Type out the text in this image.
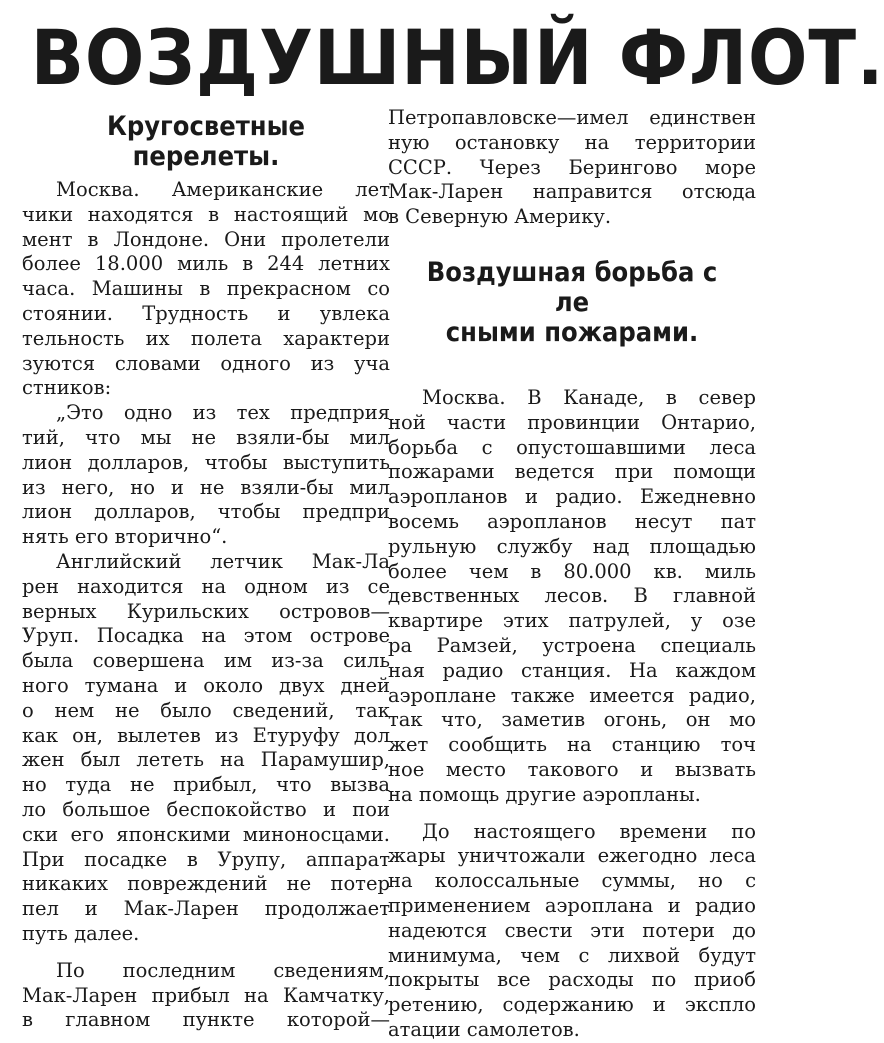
ВОЗДУШНЫЙ ФЛОТ.
Кругосветные перелеты.
Москва. Американские лет
чики находятся в настоящий мо
мент в Лондоне. Они пролетели
более 18.000 миль в 244 летних
часа. Машины в прекрасном со
стоянии. Трудность и увлека
тельность их полета характери
зуются словами одного из уча
стников:
„Это одно из тех предприя
тий, что мы не взяли-бы мил
лион долларов, чтобы выступить
из него, но и не взяли-бы мил
лион долларов, чтобы предпри
нять его вторично“.
Английский летчик Мак-Ла
рен находится на одном из се
верных Курильских островов—
Уруп. Посадка на этом острове
была совершена им из-за силь
ного тумана и около двух дней
о нем не было сведений, так
как он, вылетев из Етуруфу дол
жен был лететь на Парамушир,
но туда не прибыл, что вызва
ло большое беспокойство и пои
ски его японскими миноносцами.
При посадке в Урупу, аппарат
никаких повреждений не потер
пел и Мак-Ларен продолжает
путь далее.
По последним сведениям,
Мак-Ларен прибыл на Камчатку,
в главном пункте которой—
Петропавловске—имел единствен
ную остановку на территории
СССР. Через Берингово море
Мак-Ларен направится отсюда
в Северную Америку.
Воздушная борьба с ле
сными пожарами.
Москва. В Канаде, в север
ной части провинции Онтарио,
борьба с опустошавшими леса
пожарами ведется при помощи
аэропланов и радио. Ежедневно
восемь аэропланов несут пат
рульную службу над площадью
более чем в 80.000 кв. миль
девственных лесов. В главной
квартире этих патрулей, у озе
ра Рамзей, устроена специаль
ная радио станция. На каждом
аэроплане также имеется радио,
так что, заметив огонь, он мо
жет сообщить на станцию точ
ное место такового и вызвать
на помощь другие аэропланы.
До настоящего времени по
жары уничтожали ежегодно леса
на колоссальные суммы, но с
применением аэроплана и радио
надеются свести эти потери до
минимума, чем с лихвой будут
покрыты все расходы по приоб
ретению, содержанию и экспло
атации самолетов.
